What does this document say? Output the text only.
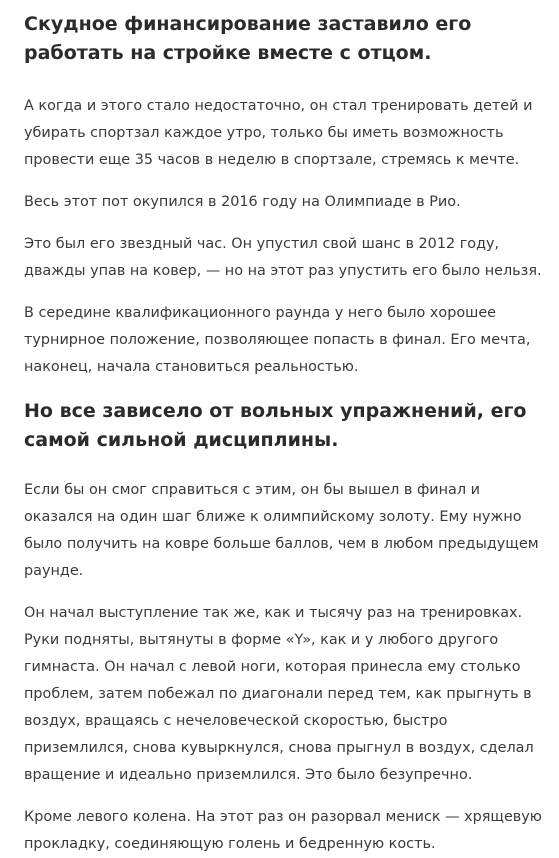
Скудное финансирование заставило его работать на стройке вместе с отцом.

А когда и этого стало недостаточно, он стал тренировать детей и убирать спортзал каждое утро, только бы иметь возможность провести еще 35 часов в неделю в спортзале, стремясь к мечте.

Весь этот пот окупился в 2016 году на Олимпиаде в Рио.

Это был его звездный час. Он упустил свой шанс в 2012 году, дважды упав на ковер, — но на этот раз упустить его было нельзя.

В середине квалификационного раунда у него было хорошее турнирное положение, позволяющее попасть в финал. Его мечта, наконец, начала становиться реальностью.

Но все зависело от вольных упражнений, его самой сильной дисциплины.

Если бы он смог справиться с этим, он бы вышел в финал и оказался на один шаг ближе к олимпийскому золоту. Ему нужно было получить на ковре больше баллов, чем в любом предыдущем раунде.

Он начал выступление так же, как и тысячу раз на тренировках. Руки подняты, вытянуты в форме «Y», как и у любого другого гимнаста. Он начал с левой ноги, которая принесла ему столько проблем, затем побежал по диагонали перед тем, как прыгнуть в воздух, вращаясь с нечеловеческой скоростью, быстро приземлился, снова кувыркнулся, снова прыгнул в воздух, сделал вращение и идеально приземлился. Это было безупречно.

Кроме левого колена. На этот раз он разорвал мениск — хрящевую прокладку, соединяющую голень и бедренную кость.
